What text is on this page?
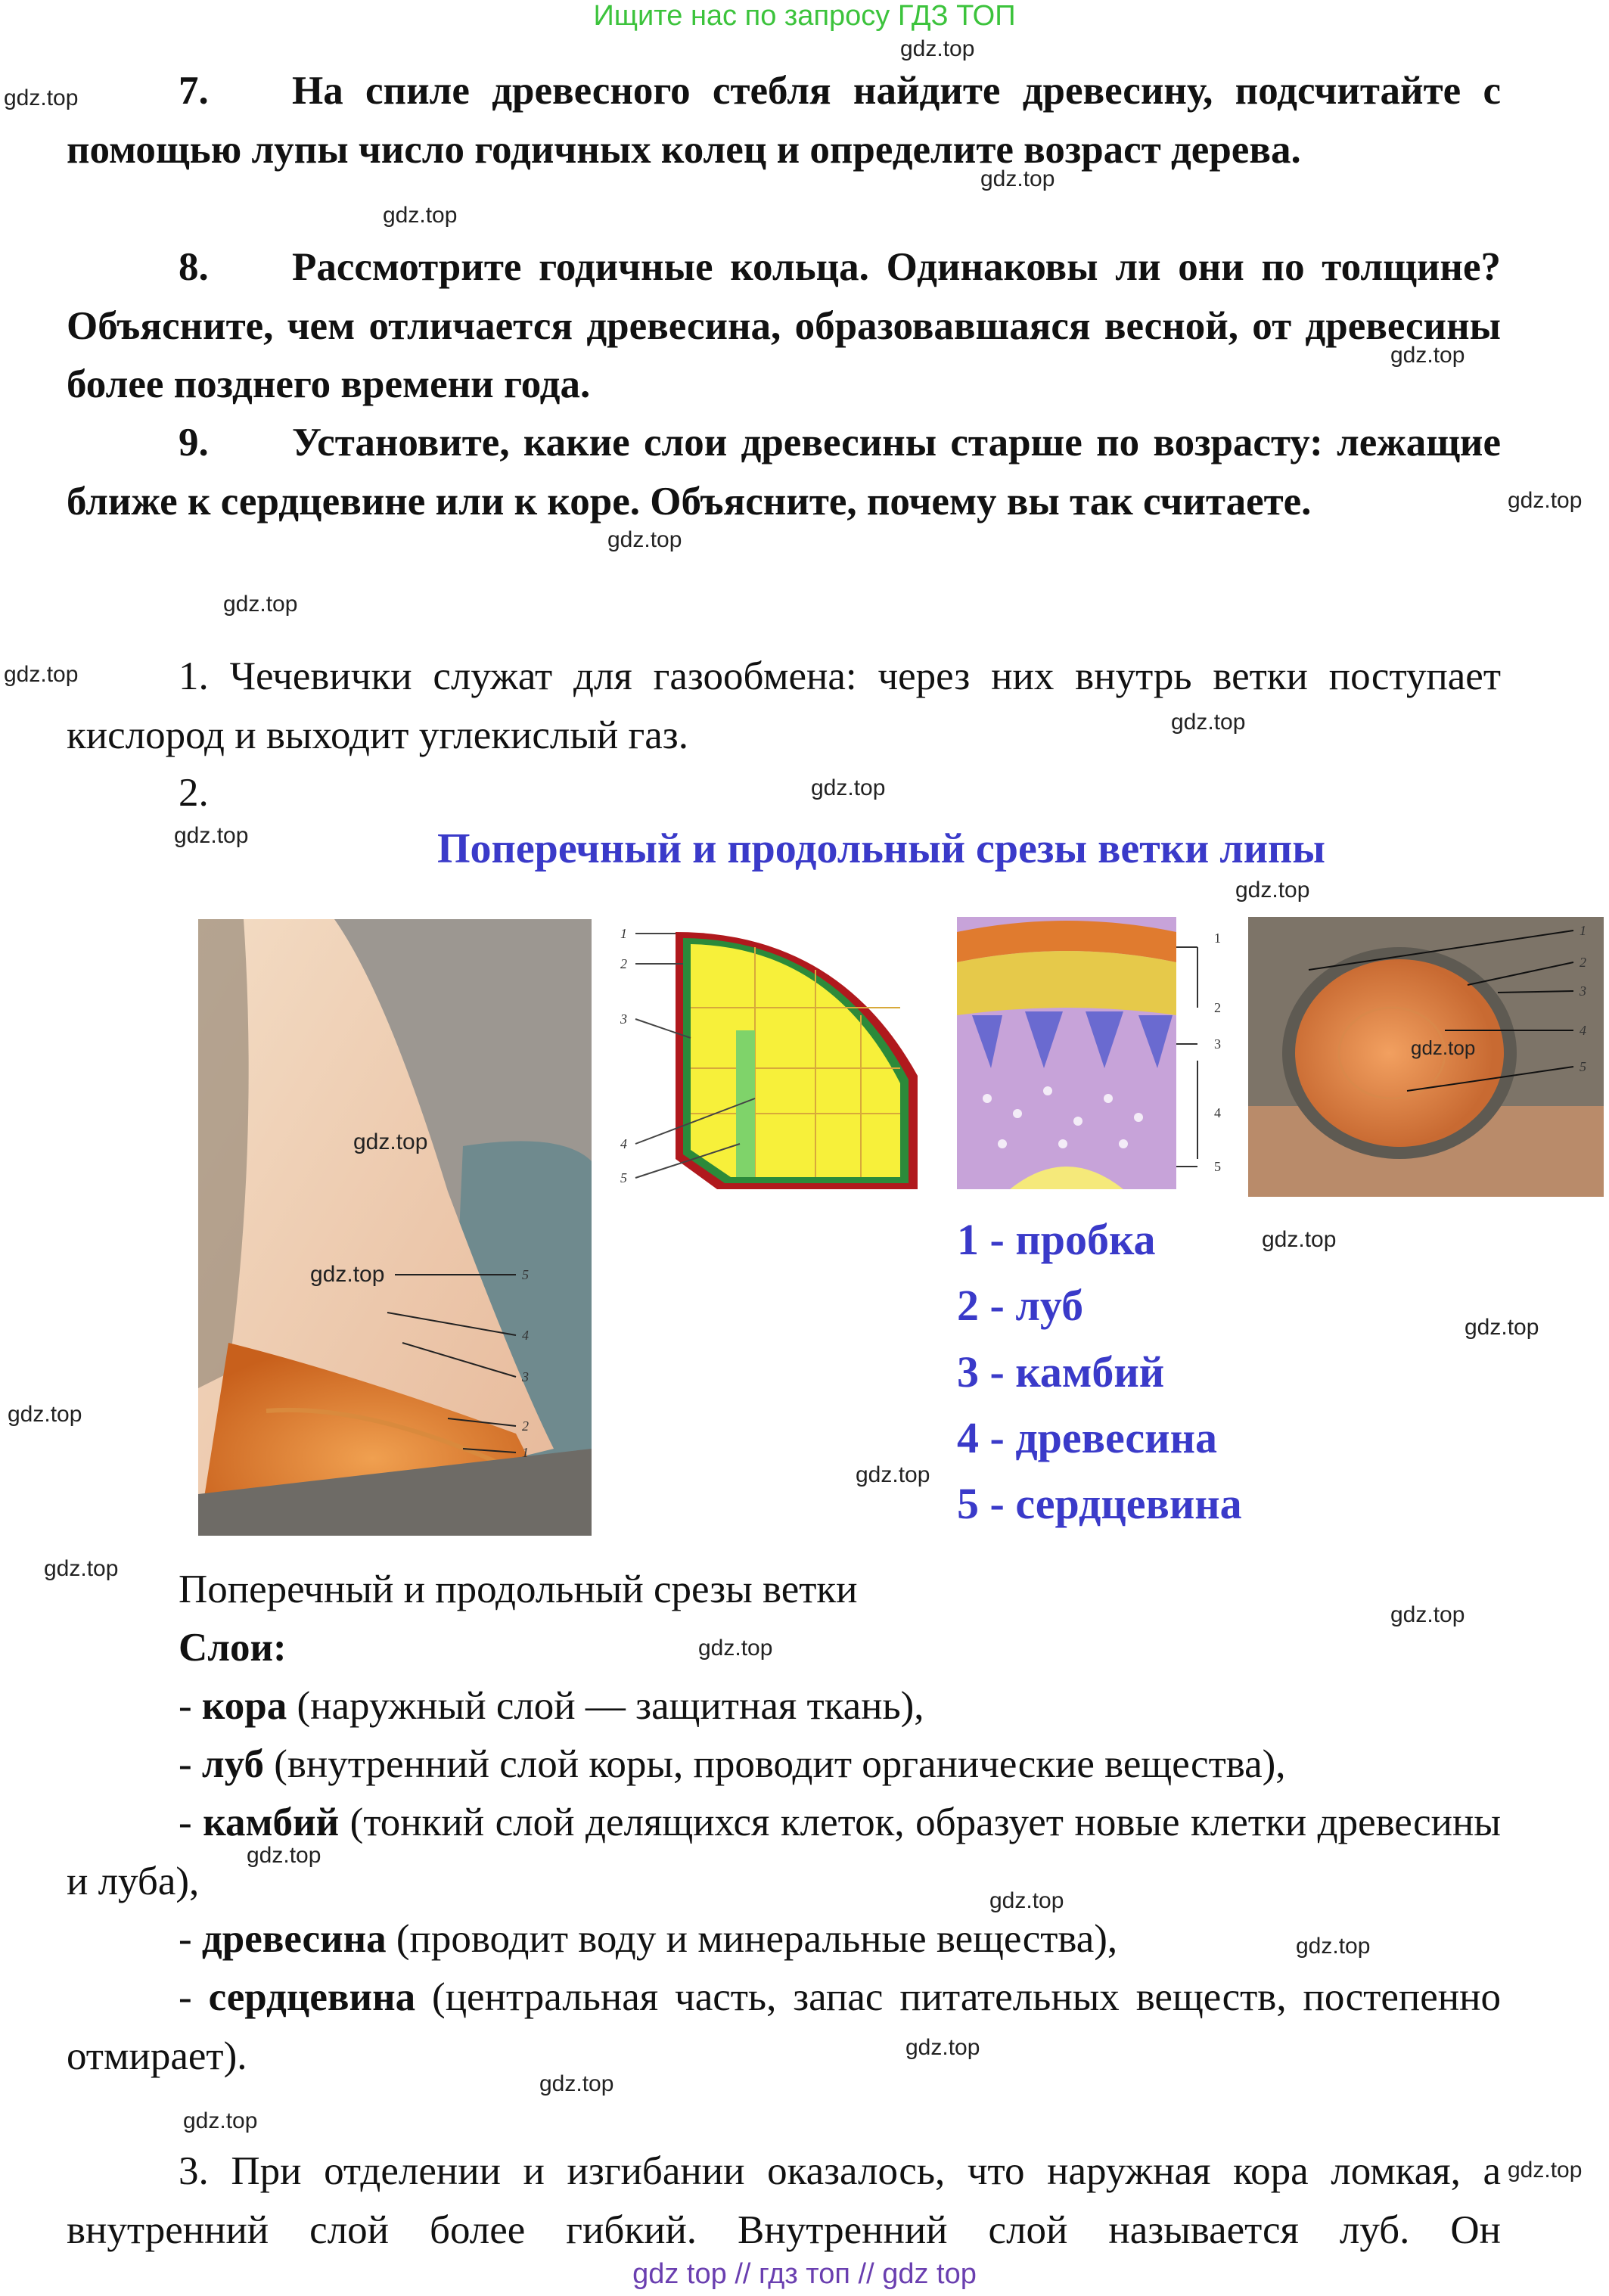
Ищите нас по запросу ГДЗ ТОП
7. На спиле древесного стебля найдите древесину, подсчитайте с помощью лупы число годичных колец и определите возраст дерева.
8. Рассмотрите годичные кольца. Одинаковы ли они по толщине? Объясните, чем отличается древесина, образовавшаяся весной, от древесины более позднего времени года.
9. Установите, какие слои древесины старше по возрасту: лежащие ближе к сердцевине или к коре. Объясните, почему вы так считаете.
1. Чечевички служат для газообмена: через них внутрь ветки поступает кислород и выходит углекислый газ.
2.
Поперечный и продольный срезы ветки липы
5
4
3
2
1
1
2
3
4
5
1
2
3
4
5
1
2
3
4
5
1 - пробка
2 - луб
3 - камбий
4 - древесина
5 - сердцевина
Поперечный и продольный срезы ветки
Слои:
- кора (наружный слой — защитная ткань),
- луб (внутренний слой коры, проводит органические вещества),
- камбий (тонкий слой делящихся клеток, образует новые клетки древесины и луба),
- древесина (проводит воду и минеральные вещества),
- сердцевина (центральная часть, запас питательных веществ, постепенно отмирает).
3. При отделении и изгибании оказалось, что наружная кора ломкая, а внутренний слой более гибкий. Внутренний слой называется луб. Он
gdz.top
gdz.top
gdz.top
gdz.top
gdz.top
gdz.top
gdz.top
gdz.top
gdz.top
gdz.top
gdz.top
gdz.top
gdz.top
gdz.top
gdz.top
gdz.top
gdz.top
gdz.top
gdz.top
gdz.top
gdz.top
gdz.top
gdz.top
gdz.top
gdz.top
gdz.top
gdz.top
gdz.top
gdz.top
gdz.top
gdz top // гдз топ // gdz top
